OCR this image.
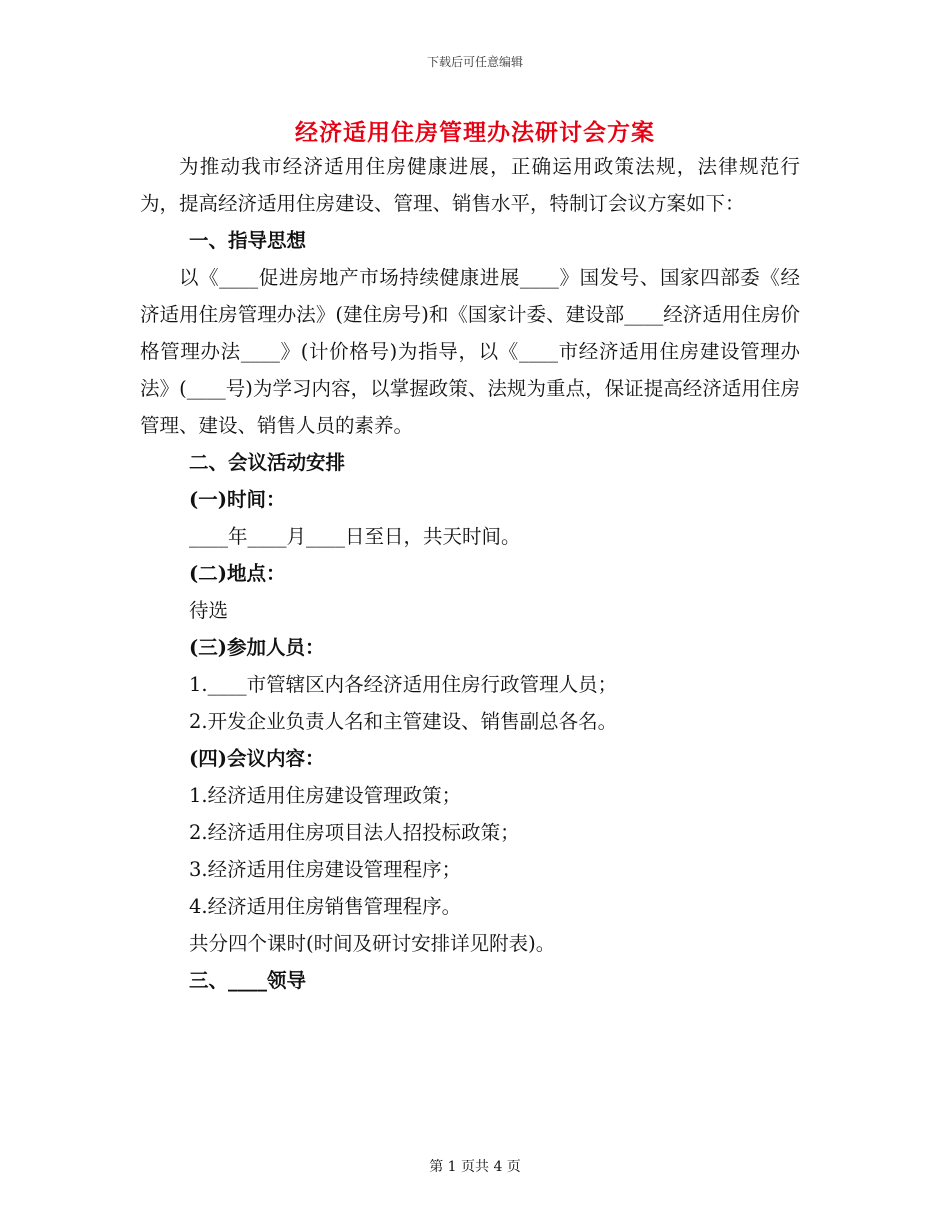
下载后可任意编辑
经济适用住房管理办法研讨会方案

为推动我市经济适用住房健康进展，正确运用政策法规，法律规范行为，提高经济适用住房建设、管理、销售水平，特制订会议方案如下：

一、指导思想

以《____促进房地产市场持续健康进展____》国发号、国家四部委《经济适用住房管理办法》(建住房号)和《国家计委、建设部____经济适用住房价格管理办法____》(计价格号)为指导，以《____市经济适用住房建设管理办法》(____号)为学习内容，以掌握政策、法规为重点，保证提高经济适用住房管理、建设、销售人员的素养。

二、会议活动安排

(一)时间：

____年____月____日至日，共天时间。

(二)地点：

待选

(三)参加人员：

1.____市管辖区内各经济适用住房行政管理人员；

2.开发企业负责人名和主管建设、销售副总各名。

(四)会议内容：

1.经济适用住房建设管理政策；

2.经济适用住房项目法人招投标政策；

3.经济适用住房建设管理程序；

4.经济适用住房销售管理程序。

共分四个课时(时间及研讨安排详见附表)。

三、____领导

第 1 页共 4 页
